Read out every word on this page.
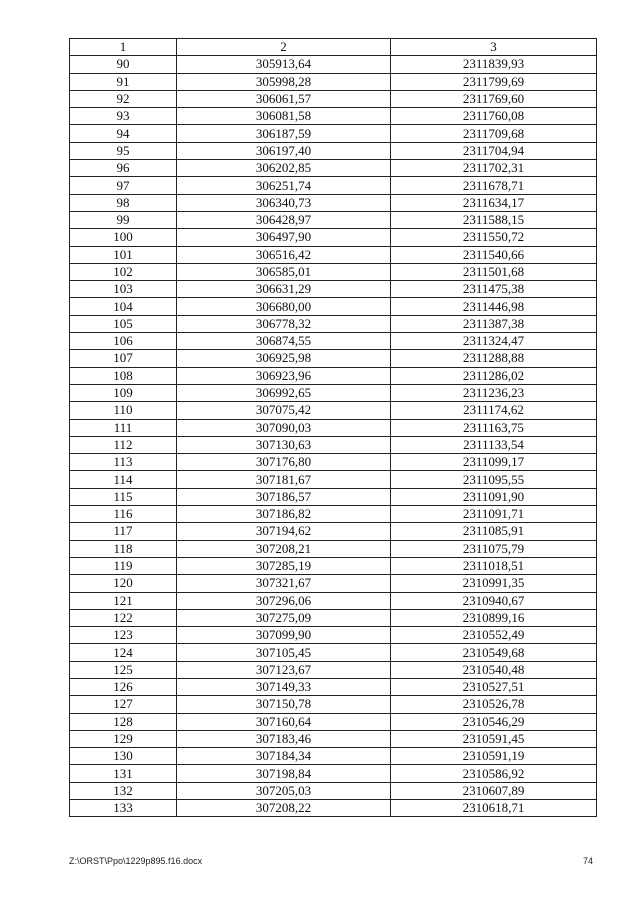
1	2	3
90	305913,64	2311839,93
91	305998,28	2311799,69
92	306061,57	2311769,60
93	306081,58	2311760,08
94	306187,59	2311709,68
95	306197,40	2311704,94
96	306202,85	2311702,31
97	306251,74	2311678,71
98	306340,73	2311634,17
99	306428,97	2311588,15
100	306497,90	2311550,72
101	306516,42	2311540,66
102	306585,01	2311501,68
103	306631,29	2311475,38
104	306680,00	2311446,98
105	306778,32	2311387,38
106	306874,55	2311324,47
107	306925,98	2311288,88
108	306923,96	2311286,02
109	306992,65	2311236,23
110	307075,42	2311174,62
111	307090,03	2311163,75
112	307130,63	2311133,54
113	307176,80	2311099,17
114	307181,67	2311095,55
115	307186,57	2311091,90
116	307186,82	2311091,71
117	307194,62	2311085,91
118	307208,21	2311075,79
119	307285,19	2311018,51
120	307321,67	2310991,35
121	307296,06	2310940,67
122	307275,09	2310899,16
123	307099,90	2310552,49
124	307105,45	2310549,68
125	307123,67	2310540,48
126	307149,33	2310527,51
127	307150,78	2310526,78
128	307160,64	2310546,29
129	307183,46	2310591,45
130	307184,34	2310591,19
131	307198,84	2310586,92
132	307205,03	2310607,89
133	307208,22	2310618,71
Z:\ORST\Ppo\1229p895.f16.docx	74
